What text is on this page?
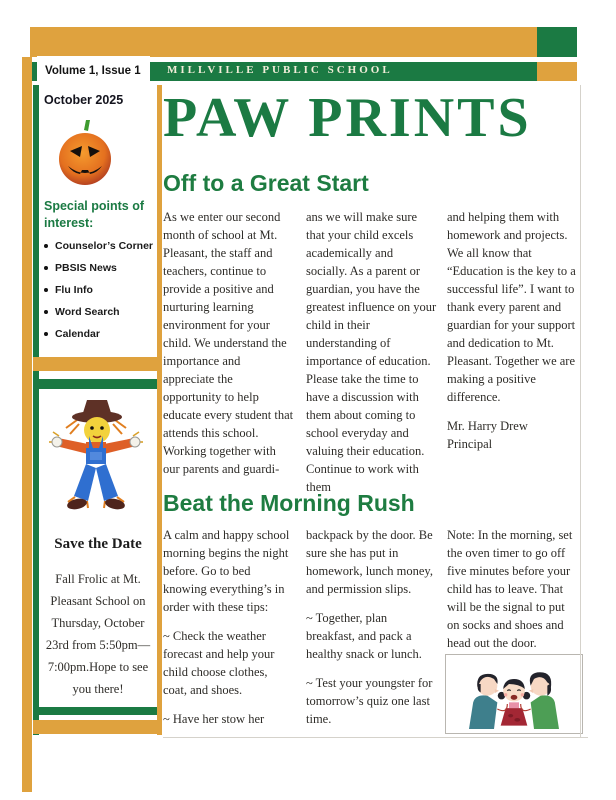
MILLVILLE PUBLIC SCHOOL
Volume 1, Issue 1
October 2025
Special points of interest:
Counselor’s Corner
PBSIS News
Flu Info
Word Search
Calendar
Save the Date
Fall Frolic at Mt. Pleasant School on Thursday, October 23rd from 5:50pm—7:00pm.Hope to see you there!
PAW PRINTS
Off to a Great Start

As we enter our second month of school at Mt. Pleasant, the staff and teachers, continue to provide a positive and nurturing learning environment for your child. We understand the importance and appreciate the opportunity to help educate every student that attends this school. Working together with our parents and guardi-

ans we will make sure that your child excels academically and socially. As a parent or guardian, you have the greatest influence on your child in their understanding of importance of education. Please take the time to have a discussion with them about coming to school everyday and valuing their education. Continue to work with them

and helping them with homework and projects. We all know that “Education is the key to a successful life”. I want to thank every parent and guardian for your support and dedication to Mt. Pleasant. Together we are making a positive difference.

Mr. Harry Drew
Principal
Beat the Morning Rush

A calm and happy school morning begins the night before. Go to bed knowing everything’s in order with these tips:

~ Check the weather forecast and help your child choose clothes, coat, and shoes.

~ Have her stow her

backpack by the door. Be sure she has put in homework, lunch money, and permission slips.

~ Together, plan breakfast, and pack a healthy snack or lunch.

~ Test your youngster for tomorrow’s quiz one last time.

Note: In the morning, set the oven timer to go off five minutes before your child has to leave. That will be the signal to put on socks and shoes and head out the door.
